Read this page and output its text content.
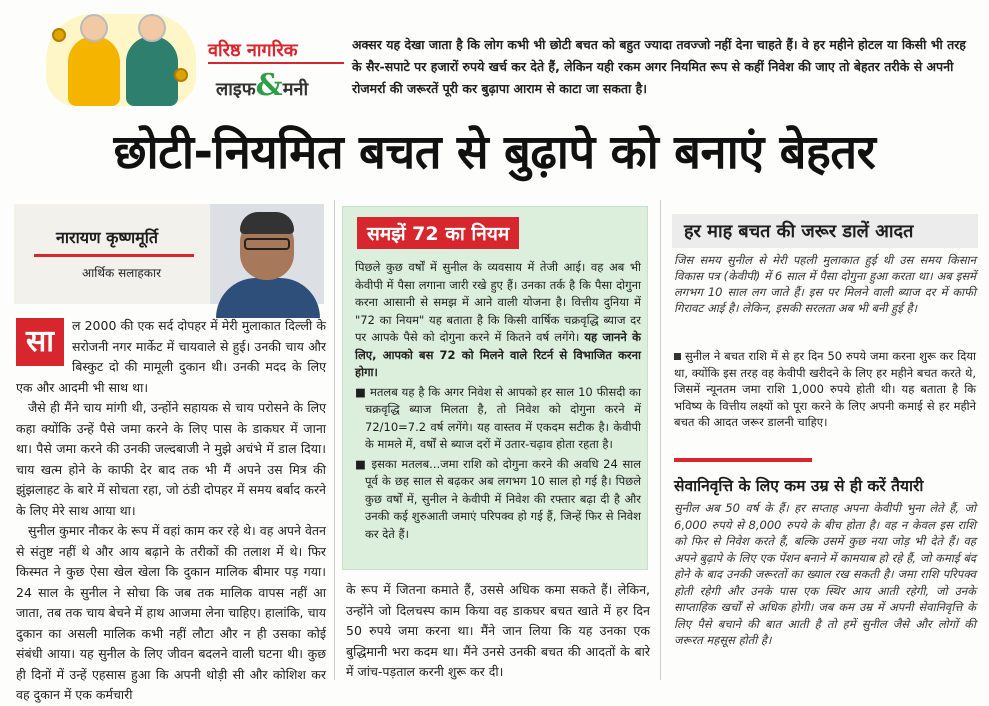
वरिष्ठ नागरिक
लाइफ&मनी
अक्सर यह देखा जाता है कि लोग कभी भी छोटी बचत को बहुत ज्यादा तवज्जो नहीं देना चाहते हैं। वे हर महीने होटल या किसी भी तरह के सैर-सपाटे पर हजारों रुपये खर्च कर देते हैं, लेकिन यही रकम अगर नियमित रूप से कहीं निवेश की जाए तो बेहतर तरीके से अपनी रोजमर्रा की जरूरतें पूरी कर बुढ़ापा आराम से काटा जा सकता है।
छोटी-नियमित बचत से बुढ़ापे को बनाएं बेहतर
नारायण कृष्णमूर्ति
आर्थिक सलाहकार
सा	ल 2000 की एक सर्द दोपहर में मेरी मुलाकात दिल्ली के सरोजनी नगर मार्केट में चायवाले से हुई। उनकी चाय और बिस्कुट दो की मामूली दुकान थी। उनकी मदद के लिए एक और आदमी भी साथ था।

जैसे ही मैंने चाय मांगी थी, उन्होंने सहायक से चाय परोसने के लिए कहा क्योंकि उन्हें पैसे जमा करने के लिए पास के डाकघर में जाना था। पैसे जमा करने की उनकी जल्दबाजी ने मुझे अचंभे में डाल दिया। चाय खत्म होने के काफी देर बाद तक भी मैं अपने उस मित्र की झुंझलाहट के बारे में सोचता रहा, जो ठंडी दोपहर में समय बर्बाद करने के लिए मेरे साथ आया था।

सुनील कुमार नौकर के रूप में वहां काम कर रहे थे। वह अपने वेतन से संतुष्ट नहीं थे और आय बढ़ाने के तरीकों की तलाश में थे। फिर किस्मत ने कुछ ऐसा खेल खेला कि दुकान मालिक बीमार पड़ गया। 24 साल के सुनील ने सोचा कि जब तक मालिक वापस नहीं आ जाता, तब तक चाय बेचने में हाथ आजमा लेना चाहिए। हालांकि, चाय दुकान का असली मालिक कभी नहीं लौटा और न ही उसका कोई संबंधी आया। यह सुनील के लिए जीवन बदलने वाली घटना थी। कुछ ही दिनों में उन्हें एहसास हुआ कि अपनी थोड़ी सी और कोशिश कर वह दुकान में एक कर्मचारी

समझें 72 का नियम

पिछले कुछ वर्षों में सुनील के व्यवसाय में तेजी आई। वह अब भी केवीपी में पैसा लगाना जारी रखे हुए हैं। उनका तर्क है कि पैसा दोगुना करना आसानी से समझ में आने वाली योजना है। वित्तीय दुनिया में "72 का नियम" यह बताता है कि किसी वार्षिक चक्रवृद्धि ब्याज दर पर आपके पैसे को दोगुना करने में कितने वर्ष लगेंगे। यह जानने के लिए, आपको बस 72 को मिलने वाले रिटर्न से विभाजित करना होगा।

■ मतलब यह है कि अगर निवेश से आपको हर साल 10 फीसदी का चक्रवृद्धि ब्याज मिलता है, तो निवेश को दोगुना करने में 72/10=7.2 वर्ष लगेंगे। यह वास्तव में एकदम सटीक है। केवीपी के मामले में, वर्षों से ब्याज दरों में उतार-चढ़ाव होता रहता है।

■ इसका मतलब...जमा राशि को दोगुना करने की अवधि 24 साल पूर्व के छह साल से बढ़कर अब लगभग 10 साल हो गई है। पिछले कुछ वर्षों में, सुनील ने केवीपी में निवेश की रफ्तार बढ़ा दी है और उनकी कई शुरुआती जमाएं परिपक्व हो गई हैं, जिन्हें फिर से निवेश कर देते हैं।

के रूप में जितना कमाते हैं, उससे अधिक कमा सकते हैं। लेकिन, उन्होंने जो दिलचस्प काम किया वह डाकघर बचत खाते में हर दिन 50 रुपये जमा करना था। मैंने जान लिया कि यह उनका एक बुद्धिमानी भरा कदम था। मैंने उनसे उनकी बचत की आदतों के बारे में जांच-पड़ताल करनी शुरू कर दी।
हर माह बचत की जरूर डालें आदत
जिस समय सुनील से मेरी पहली मुलाकात हुई थी उस समय किसान विकास पत्र (केवीपी) में 6 साल में पैसा दोगुना हुआ करता था। अब इसमें लगभग 10 साल लग जाते हैं। इस पर मिलने वाली ब्याज दर में काफी गिरावट आई है। लेकिन, इसकी सरलता अब भी बनी हुई है।
सुनील ने बचत राशि में से हर दिन 50 रुपये जमा करना शुरू कर दिया था, क्योंकि इस तरह वह केवीपी खरीदने के लिए हर महीने बचत करते थे, जिसमें न्यूनतम जमा राशि 1,000 रुपये होती थी। यह बताता है कि भविष्य के वित्तीय लक्ष्यों को पूरा करने के लिए अपनी कमाई से हर महीने बचत की आदत जरूर डालनी चाहिए।
सेवानिवृत्ति के लिए कम उम्र से ही करें तैयारी
सुनील अब 50 वर्ष के हैं। हर सप्ताह अपना केवीपी भुना लेते हैं, जो 6,000 रुपये से 8,000 रुपये के बीच होता है। वह न केवल इस राशि को फिर से निवेश करते हैं, बल्कि उसमें कुछ नया जोड़ भी देते हैं। वह अपने बुढ़ापे के लिए एक पेंशन बनाने में कामयाब हो रहे हैं, जो कमाई बंद होने के बाद उनकी जरूरतों का ख्याल रख सकती है। जमा राशि परिपक्व होती रहेगी और उनके पास एक स्थिर आय आती रहेगी, जो उनके साप्ताहिक खर्चों से अधिक होगी। जब कम उम्र में अपनी सेवानिवृत्ति के लिए पैसे बचाने की बात आती है तो हमें सुनील जैसे और लोगों की जरूरत महसूस होती है।
